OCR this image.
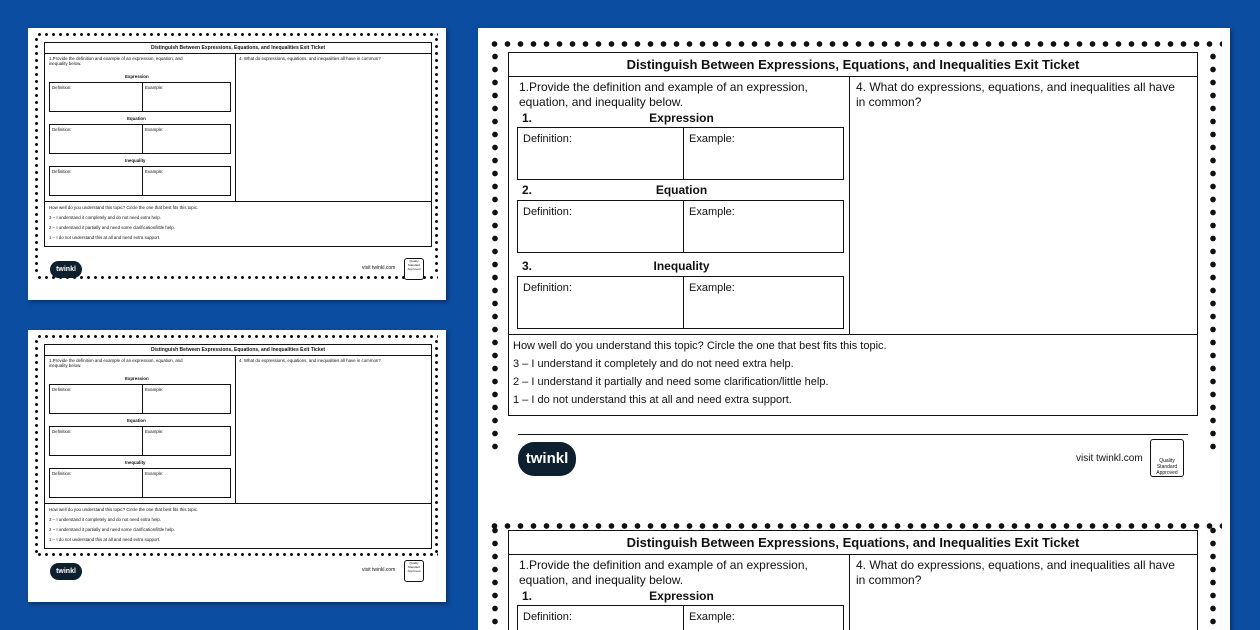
Distinguish Between Expressions, Equations, and Inequalities Exit Ticket
1.Provide the definition and example of an expression, equation, and inequality below.
4. What do expressions, equations, and inequalities all have in common?
Expression
Definition:	Example:
Equation
Definition:	Example:
Inequality
Definition:	Example:
How well do you understand this topic? Circle the one that best fits this topic.
3 – I understand it completely and do not need extra help.
2 – I understand it partially and need some clarification/little help.
1 – I do not understand this at all and need extra support.
twinkl	visit twinkl.com
Quality Standard Approved
Distinguish Between Expressions, Equations, and Inequalities Exit Ticket
1.Provide the definition and example of an expression, equation, and inequality below.
4. What do expressions, equations, and inequalities all have in common?
Expression
Definition:	Example:
Equation
Definition:	Example:
Inequality
Definition:	Example:
How well do you understand this topic? Circle the one that best fits this topic.
3 – I understand it completely and do not need extra help.
2 – I understand it partially and need some clarification/little help.
1 – I do not understand this at all and need extra support.
twinkl	visit twinkl.com
Quality Standard Approved
Distinguish Between Expressions, Equations, and Inequalities Exit Ticket
1.Provide the definition and example of an expression, equation, and inequality below.
1.	Expression
Definition:	Example:
2.	Equation
Definition:	Example:
3.	Inequality
Definition:	Example:
4. What do expressions, equations, and inequalities all have in common?
How well do you understand this topic? Circle the one that best fits this topic.
3 – I understand it completely and do not need extra help.
2 – I understand it partially and need some clarification/little help.
1 – I do not understand this at all and need extra support.
twinkl	visit twinkl.com	Quality Standard Approved
Distinguish Between Expressions, Equations, and Inequalities Exit Ticket
1.Provide the definition and example of an expression, equation, and inequality below.
1.	Expression
Definition:	Example:
4. What do expressions, equations, and inequalities all have in common?
